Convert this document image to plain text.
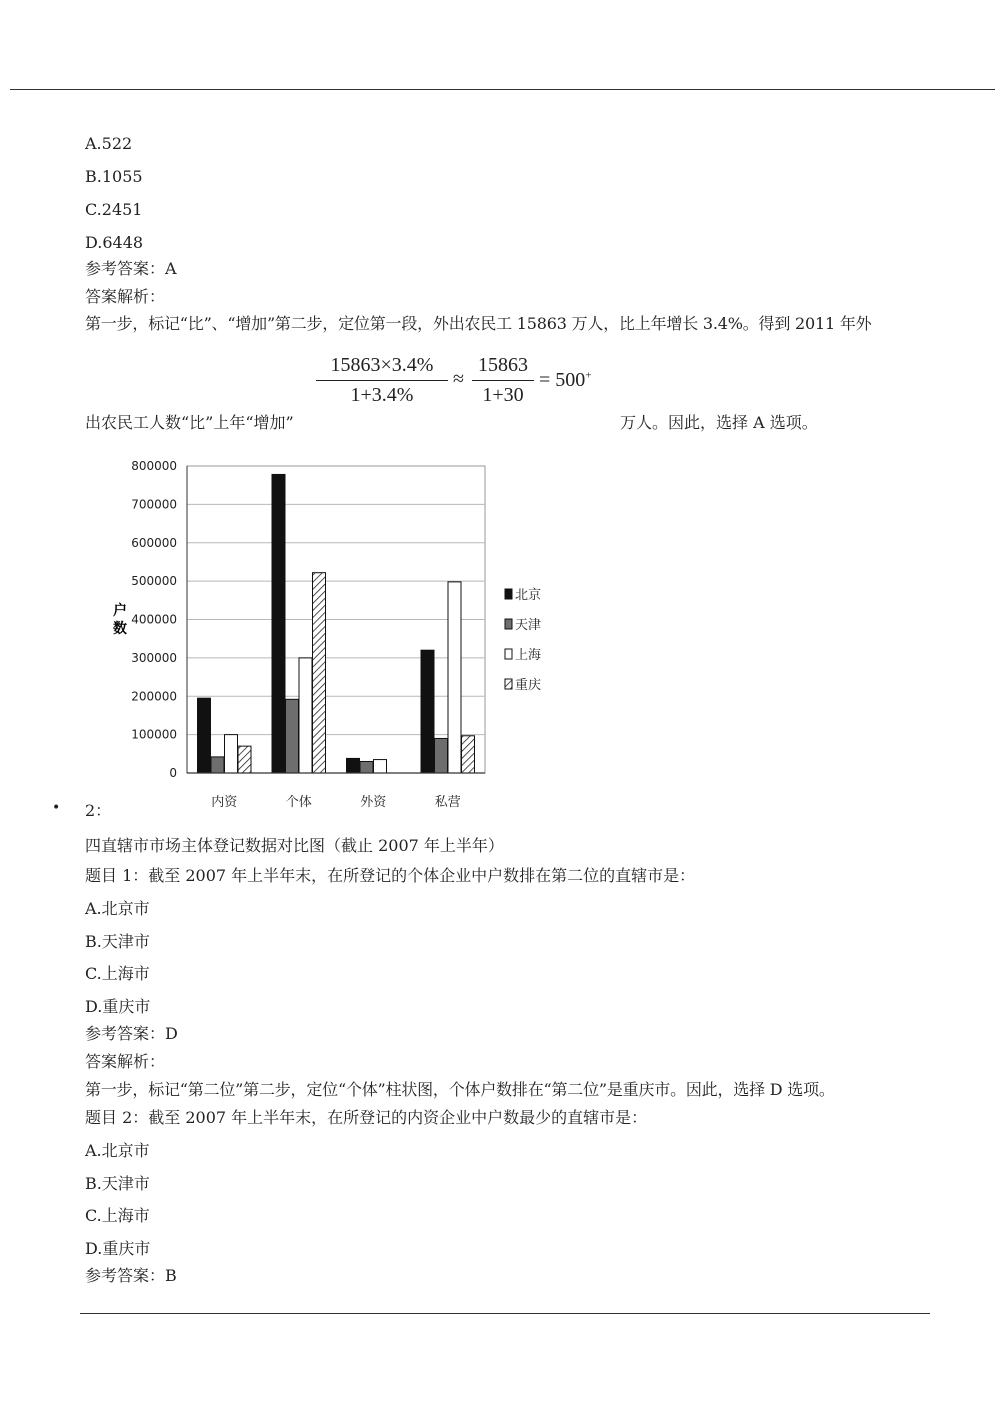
A.522
B.1055
C.2451
D.6448
参考答案：A
答案解析：
第一步，标记“比”、“增加”第二步，定位第一段，外出农民工 15863 万人，比上年增长 3.4%。得到 2011 年外
$\frac{15863\times 3.4\%}{1+3.4\%} \approx \frac{15863}{1+30} = 500^+$
出农民工人数“比”上年“增加”	万人。因此，选择 A 选项。
800000
700000
600000
500000
400000
300000
200000
100000
0
内资	个体	外资	私营
户
数
北京
天津
上海
重庆
• 2：
四直辖市市场主体登记数据对比图（截止 2007 年上半年）
题目 1：截至 2007 年上半年末，在所登记的个体企业中户数排在第二位的直辖市是：
A.北京市
B.天津市
C.上海市
D.重庆市
参考答案：D
答案解析：
第一步，标记“第二位”第二步，定位“个体”柱状图，个体户数排在“第二位”是重庆市。因此，选择 D 选项。
题目 2：截至 2007 年上半年末，在所登记的内资企业中户数最少的直辖市是：
A.北京市
B.天津市
C.上海市
D.重庆市
参考答案：B
